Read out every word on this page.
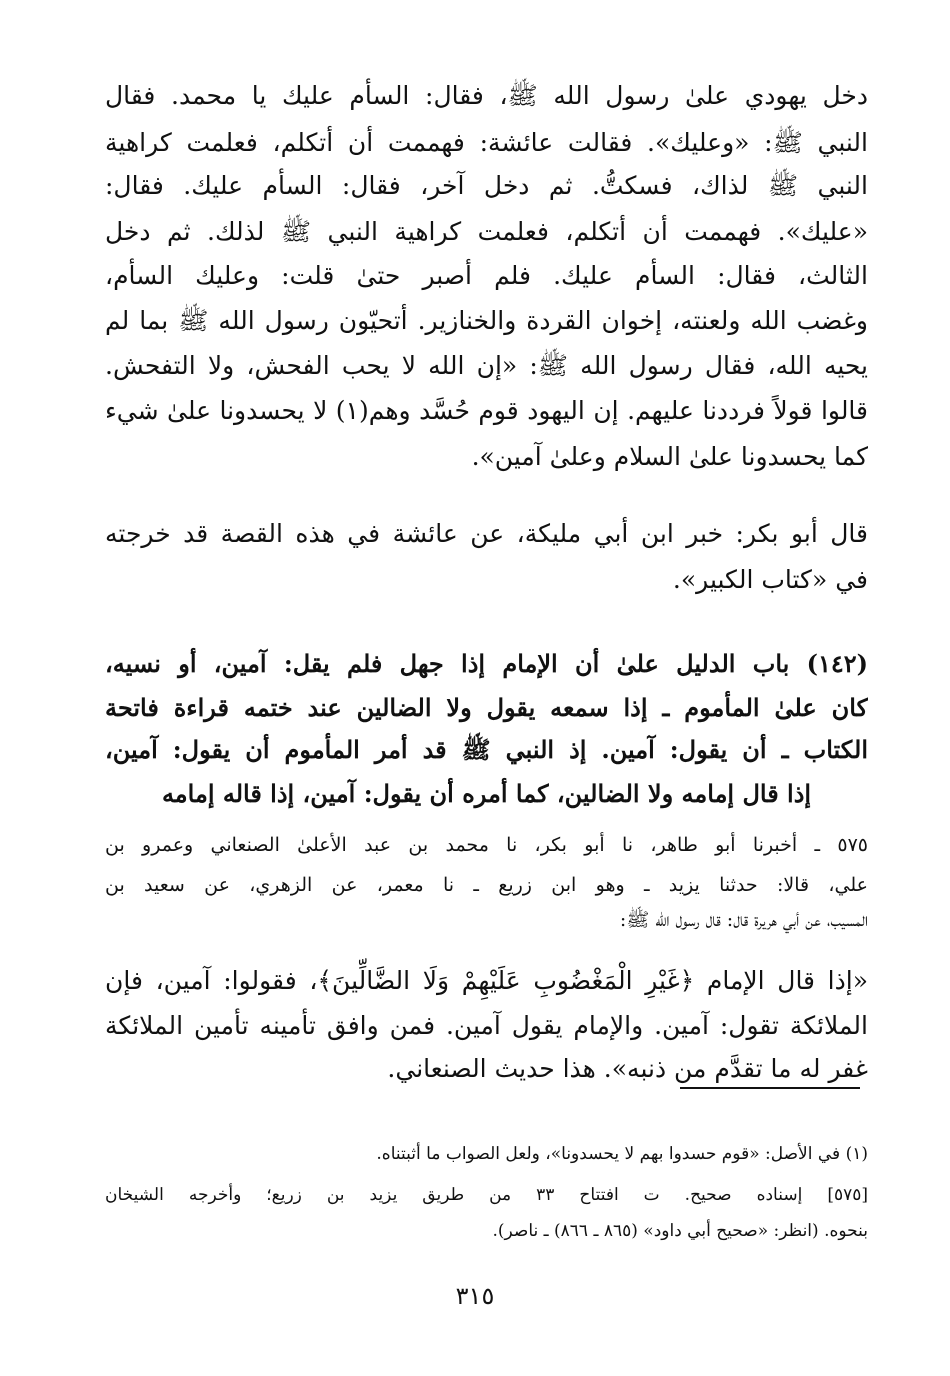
دخل يهودي علىٰ رسول الله ﷺ، فقال: السأم عليك يا محمد. فقال
النبي ﷺ: «وعليك». فقالت عائشة: فهممت أن أتكلم، فعلمت كراهية
النبي ﷺ لذاك، فسكتُّ. ثم دخل آخر، فقال: السأم عليك. فقال:
«عليك». فهممت أن أتكلم، فعلمت كراهية النبي ﷺ لذلك. ثم دخل
الثالث، فقال: السأم عليك. فلم أصبر حتىٰ قلت: وعليك السأم،
وغضب الله ولعنته، إخوان القردة والخنازير. أتحيّون رسول الله ﷺ بما لم
يحيه الله، فقال رسول الله ﷺ: «إن الله لا يحب الفحش، ولا التفحش.
قالوا قولاً فرددنا عليهم. إن اليهود قوم حُسَّد وهم(١) لا يحسدونا علىٰ شيء
كما يحسدونا علىٰ السلام وعلىٰ آمين».
قال أبو بكر: خبر ابن أبي مليكة، عن عائشة في هذه القصة قد خرجته
في «كتاب الكبير».
(١٤٢) باب الدليل علىٰ أن الإمام إذا جهل فلم يقل: آمين، أو نسيه،
كان علىٰ المأموم ـ إذا سمعه يقول ولا الضالين عند ختمه قراءة فاتحة
الكتاب ـ أن يقول: آمين. إذ النبي ﷺ قد أمر المأموم أن يقول: آمين،
إذا قال إمامه ولا الضالين، كما أمره أن يقول: آمين، إذا قاله إمامه
٥٧٥ ـ أخبرنا أبو طاهر، نا أبو بكر، نا محمد بن عبد الأعلىٰ الصنعاني وعمرو بن
علي، قالا: حدثنا يزيد ـ وهو ابن زريع ـ نا معمر، عن الزهري، عن سعيد بن
المسيب، عن أبي هريرة قال: قال رسول الله ﷺ:
«إذا قال الإمام ﴿غَيْرِ الْمَغْضُوبِ عَلَيْهِمْ وَلَا الضَّالِّينَ﴾، فقولوا: آمين، فإن
الملائكة تقول: آمين. والإمام يقول آمين. فمن وافق تأمينه تأمين الملائكة
غفر له ما تقدَّم من ذنبه». هذا حديث الصنعاني.
(١) في الأصل: «قوم حسدوا بهم لا يحسدونا»، ولعل الصواب ما أثبتناه.
[٥٧٥] إسناده صحيح. ت افتتاح ٣٣ من طريق يزيد بن زريع؛ وأخرجه الشيخان
بنحوه. (انظر: «صحيح أبي داود» (٨٦٥ ـ ٨٦٦) ـ ناصر).
٣١٥
